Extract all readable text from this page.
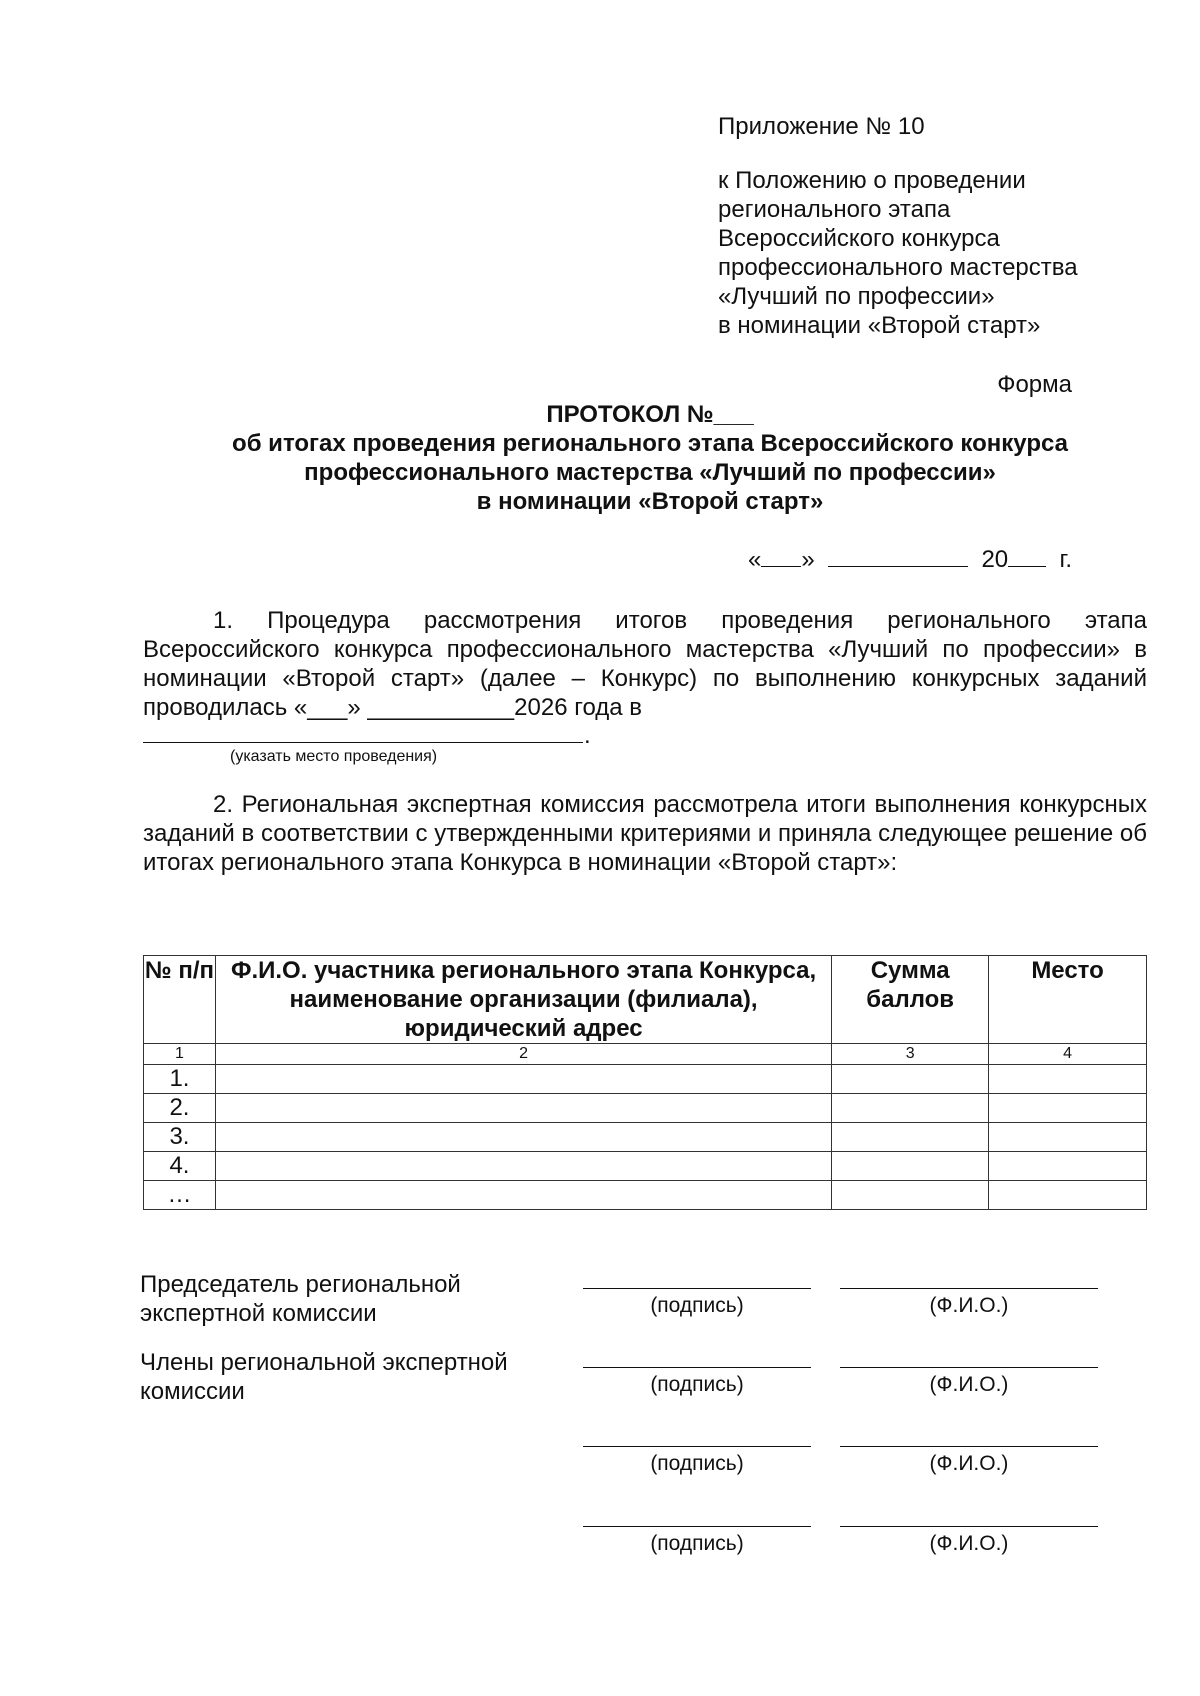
Приложение № 10
к Положению о проведении
регионального этапа
Всероссийского конкурса
профессионального мастерства
«Лучший по профессии»
в номинации «Второй старт»
Форма
ПРОТОКОЛ №___
об итогах проведения регионального этапа Всероссийского конкурса
профессионального мастерства «Лучший по профессии»
в номинации «Второй старт»
« »	20 г.
1. Процедура рассмотрения итогов проведения регионального этапа Всероссийского конкурса профессионального мастерства «Лучший по профессии» в номинации «Второй старт» (далее – Конкурс) по выполнению конкурсных заданий проводилась «___» ___________2026 года в
.
(указать место проведения)
2. Региональная экспертная комиссия рассмотрела итоги выполнения конкурсных заданий в соответствии с утвержденными критериями и приняла следующее решение об итогах регионального этапа Конкурса в номинации «Второй старт»:
№ п/п	Ф.И.О. участника регионального этапа Конкурса, наименование организации (филиала), юридический адрес	Сумма баллов	Место
1	2	3	4
1.			
2.			
3.			
4.			
…			
Председатель региональной экспертной комиссии
Члены региональной экспертной комиссии
(подпись)	(Ф.И.О.)
(подпись)	(Ф.И.О.)
(подпись)	(Ф.И.О.)
(подпись)	(Ф.И.О.)
